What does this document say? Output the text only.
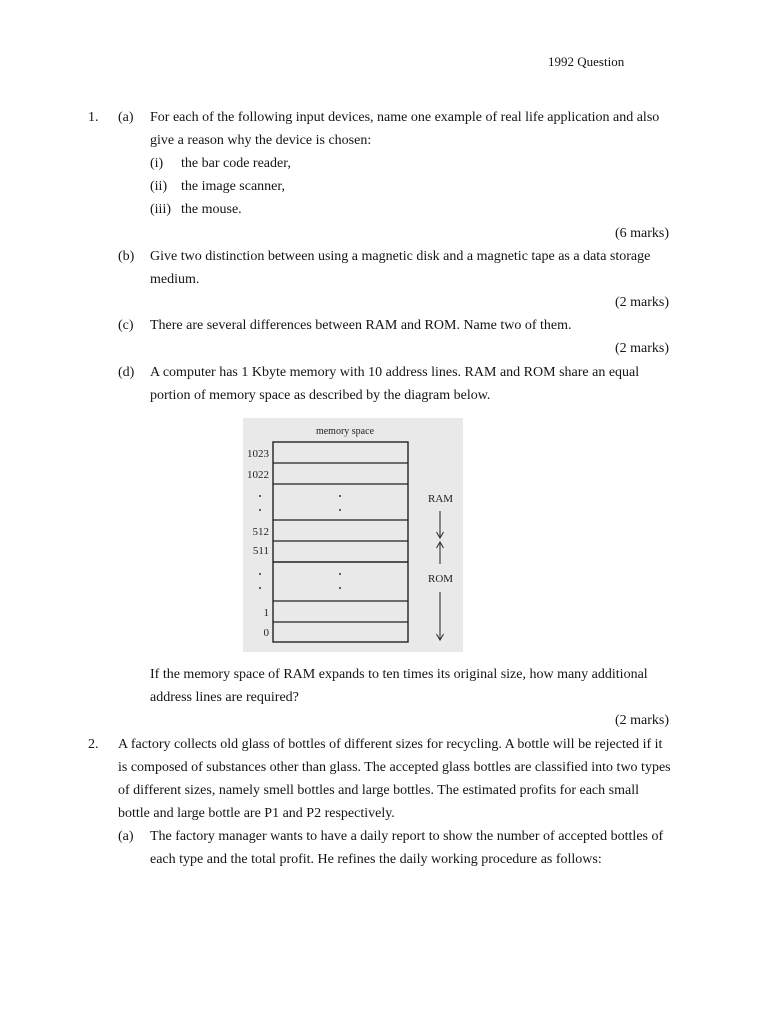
1992 Question
1. (a) For each of the following input devices, name one example of real life application and also
give a reason why the device is chosen:
(i) the bar code reader,
(ii) the image scanner,
(iii) the mouse.
(6 marks)
(b) Give two distinction between using a magnetic disk and a magnetic tape as a data storage
medium.
(2 marks)
(c) There are several differences between RAM and ROM. Name two of them.
(2 marks)
(d) A computer has 1 Kbyte memory with 10 address lines. RAM and ROM share an equal
portion of memory space as described by the diagram below.
memory space
1023
1022
512
511
1
0
RAM
ROM
If the memory space of RAM expands to ten times its original size, how many additional
address lines are required?
(2 marks)
2. A factory collects old glass of bottles of different sizes for recycling. A bottle will be rejected if it
is composed of substances other than glass. The accepted glass bottles are classified into two types
of different sizes, namely smell bottles and large bottles. The estimated profits for each small
bottle and large bottle are P1 and P2 respectively.
(a) The factory manager wants to have a daily report to show the number of accepted bottles of
each type and the total profit. He refines the daily working procedure as follows:
